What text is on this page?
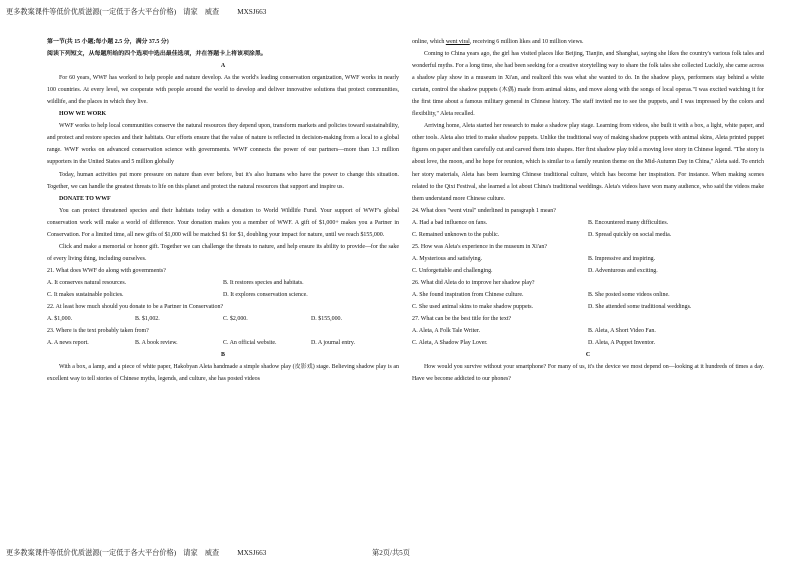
更多教案课件等低价优质滋源(一定低于各大平台价格)    请家    威查          MXSJ663

第一节(共 15 小题;每小题 2.5 分，满分 37.5 分)

阅读下列短文，从每题所给的四个选项中选出最佳选项，并在答题卡上将该项涂黑。

A

For 60 years, WWF has worked to help people and nature develop. As the world's leading conservation organization, WWF works in nearly 100 countries. At every level, we cooperate with people around the world to develop and deliver innovative solutions that protect communities, wildlife, and the places in which they live.

HOW WE WORK

WWF works to help local communities conserve the natural resources they depend upon, transform markets and policies toward sustainability, and protect and restore species and their habitats. Our efforts ensure that the value of nature is reflected in decision-making from a local to a global range. WWF works on advanced conservation science with governments. WWF connects the power of our partners—more than 1.3 million supporters in the United States and 5 million globally

Today, human activities put more pressure on nature than ever before, but it's also humans who have the power to change this situation. Together, we can handle the greatest threats to life on this planet and protect the natural resources that support and inspire us.

DONATE TO WWF

You can protect threatened species and their habitats today with a donation to World Wildlife Fund. Your support of WWF's global conservation work will make a world of difference. Your donation makes you a member of WWF. A gift of $1,000+ makes you a Partner in Conservation. For a limited time, all new gifts of $1,000 will be matched $1 for $1, doubling your impact for nature, until we reach $155,000.

Click and make a memorial or honor gift. Together we can challenge the threats to nature, and help ensure its ability to provide—for the sake of every living thing, including ourselves.

21. What does WWF do along with governments?

A. It conserves natural resources.	B. It restores species and habitats.
C. It makes sustainable policies.	D. It explores conservation science.

22. At least how much should you donate to be a Partner in Conservation?

A. $1,000.	B. $1,002.	C. $2,000.	D. $155,000.

23. Where is the text probably taken from?

A. A news report.	B. A book review.	C. An official website.	D. A journal entry.

B

With a box, a lamp, and a piece of white paper, Hakobyan Aleta handmade a simple shadow play (皮影戏) stage. Believing shadow play is an excellent way to tell stories of Chinese myths, legends, and culture, she has posted videos

online, which went viral, receiving 6 million likes and 10 million views.

Coming to China years ago, the girl has visited places like Beijing, Tianjin, and Shanghai, saying she likes the country's various folk tales and wonderful myths. For a long time, she had been seeking for a creative storytelling way to share the folk tales she collected Luckily, she came across a shadow play show in a museum in Xi'an, and realized this was what she wanted to do. In the shadow plays, performers stay behind a white curtain, control the shadow puppets (木偶) made from animal skins, and move along with the songs of local operas."I was excited watching it for the first time about a famous military general in Chinese history. The staff invited me to see the puppets, and I was impressed by the colors and flexibility," Aleta recalled.

Arriving home, Aleta started her research to make a shadow play stage. Learning from videos, she built it with a box, a light, white paper, and other tools. Aleta also tried to make shadow puppets. Unlike the traditional way of making shadow puppets with animal skins, Aleta printed puppet figures on paper and then carefully cut and carved them into shapes. Her first shadow play told a moving love story in Chinese legend. "The story is about love, the moon, and he hope for reunion, which is similar to a family reunion theme on the Mid-Autumn Day in China," Aleta said. To enrich her story materials, Aleta has been learning Chinese traditional culture, which has become her inspiration. For instance. When making scenes related to the Qixi Festival, she learned a lot about China's traditional weddings. Aleta's videos have won many audience, who said the videos make them understand more Chinese culture.

24. What does "went viral" underlined in paragraph 1 mean?

A. Had a bad influence on fans.	B. Encountered many difficulties.
C. Remained unknown to the public.	D. Spread quickly on social media.

25. How was Aleta's experience in the museum in Xi'an?

A. Mysterious and satisfying.	B. Impressive and inspiring.
C. Unforgettable and challenging.	D. Adventurous and exciting.

26. What did Aleta do to improve her shadow play?

A. She found inspiration from Chinese culture.	B. She posted some videos online.
C. She used animal skins to make shadow puppets.	D. She attended some traditional weddings.

27. What can be the best title for the text?

A. Aleta, A Folk Tale Writer.	B. Aleta, A Short Video Fan.
C. Aleta, A Shadow Play Lover.	D. Aleta, A Puppet Inventor.

C

How would you survive without your smartphone? For many of us, it's the device we most depend on—looking at it hundreds of times a day. Have we become addicted to our phones?

更多教案课件等低价优质滋源(一定低于各大平台价格)    请家    威查          MXSJ663	第2页/共5页
